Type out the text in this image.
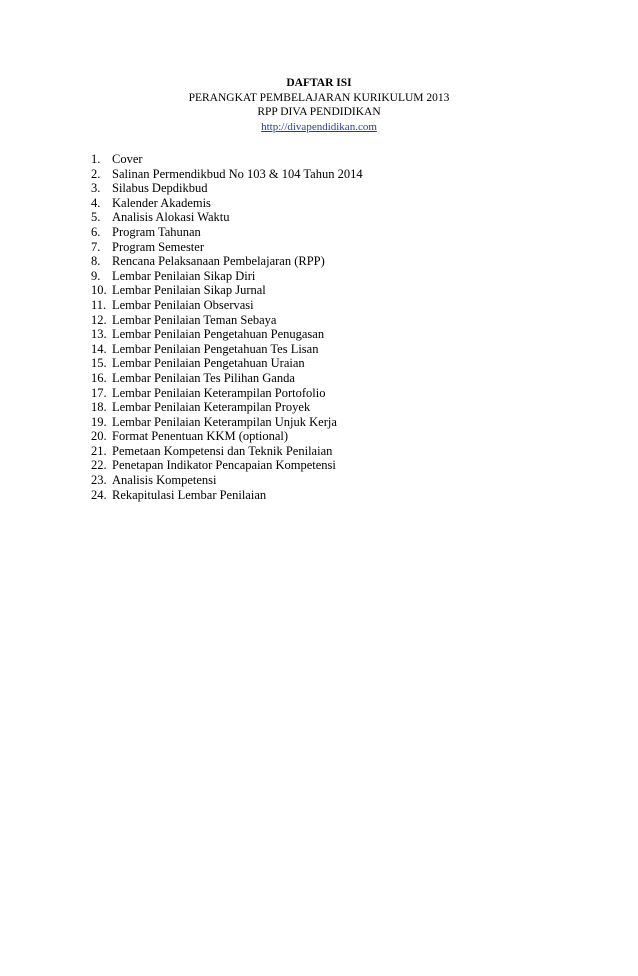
DAFTAR ISI
PERANGKAT PEMBELAJARAN KURIKULUM 2013
RPP DIVA PENDIDIKAN
http://divapendidikan.com
1. Cover
2. Salinan Permendikbud No 103 & 104 Tahun 2014
3. Silabus Depdikbud
4. Kalender Akademis
5. Analisis Alokasi Waktu
6. Program Tahunan
7. Program Semester
8. Rencana Pelaksanaan Pembelajaran (RPP)
9. Lembar Penilaian Sikap Diri
10. Lembar Penilaian Sikap Jurnal
11. Lembar Penilaian Observasi
12. Lembar Penilaian Teman Sebaya
13. Lembar Penilaian Pengetahuan Penugasan
14. Lembar Penilaian Pengetahuan Tes Lisan
15. Lembar Penilaian Pengetahuan Uraian
16. Lembar Penilaian Tes Pilihan Ganda
17. Lembar Penilaian Keterampilan Portofolio
18. Lembar Penilaian Keterampilan Proyek
19. Lembar Penilaian Keterampilan Unjuk Kerja
20. Format Penentuan KKM (optional)
21. Pemetaan Kompetensi dan Teknik Penilaian
22. Penetapan Indikator Pencapaian Kompetensi
23. Analisis Kompetensi
24. Rekapitulasi Lembar Penilaian
